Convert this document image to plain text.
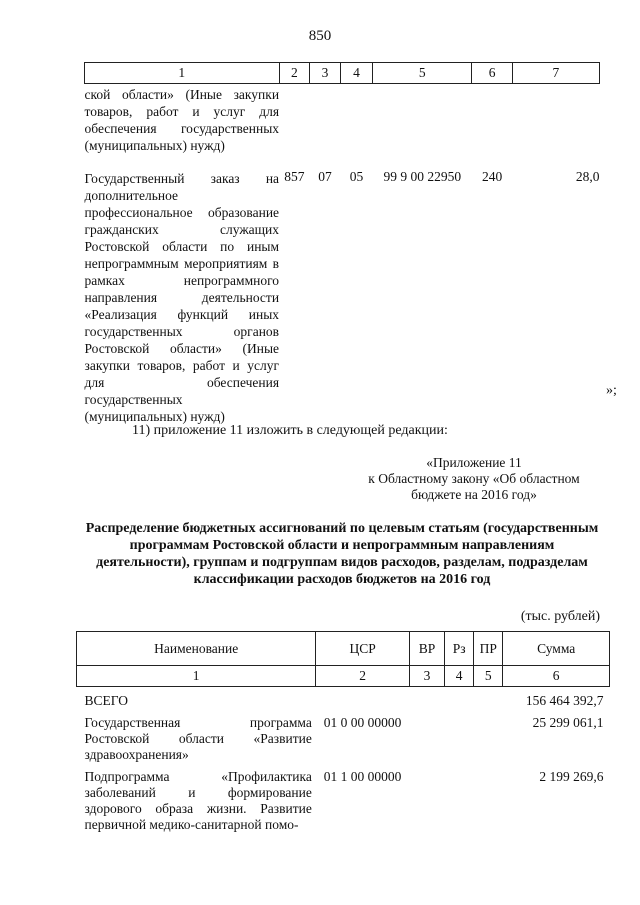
850
1	2	3	4	5	6	7
ской области» (Иные закупки товаров, работ и услуг для обеспечения государственных (муниципальных) нужд)						

Государственный заказ на дополнительное профессиональное образование гражданских служащих Ростовской области по иным непрограммным мероприятиям в рамках непрограммного направления деятельности «Реализация функций иных государственных органов Ростовской области» (Иные закупки товаров, работ и услуг для обеспечения государственных (муниципальных) нужд)	857	07	05	99 9 00 22950	240	28,0
»;
11) приложение 11 изложить в следующей редакции:
«Приложение 11
к Областному закону «Об областном
бюджете на 2016 год»
Распределение бюджетных ассигнований по целевым статьям (государственным программам Ростовской области и непрограммным направлениям деятельности), группам и подгруппам видов расходов, разделам, подразделам классификации расходов бюджетов на 2016 год
(тыс. рублей)
Наименование	ЦСР	ВР	Рз	ПР	Сумма
1	2	3	4	5	6
ВСЕГО					156 464 392,7
Государственная программа Ростовской области «Развитие здравоохранения»	01 0 00 00000				25 299 061,1
Подпрограмма «Профилактика заболеваний и формирование здорового образа жизни. Развитие первичной медико-санитарной помо-	01 1 00 00000				2 199 269,6
